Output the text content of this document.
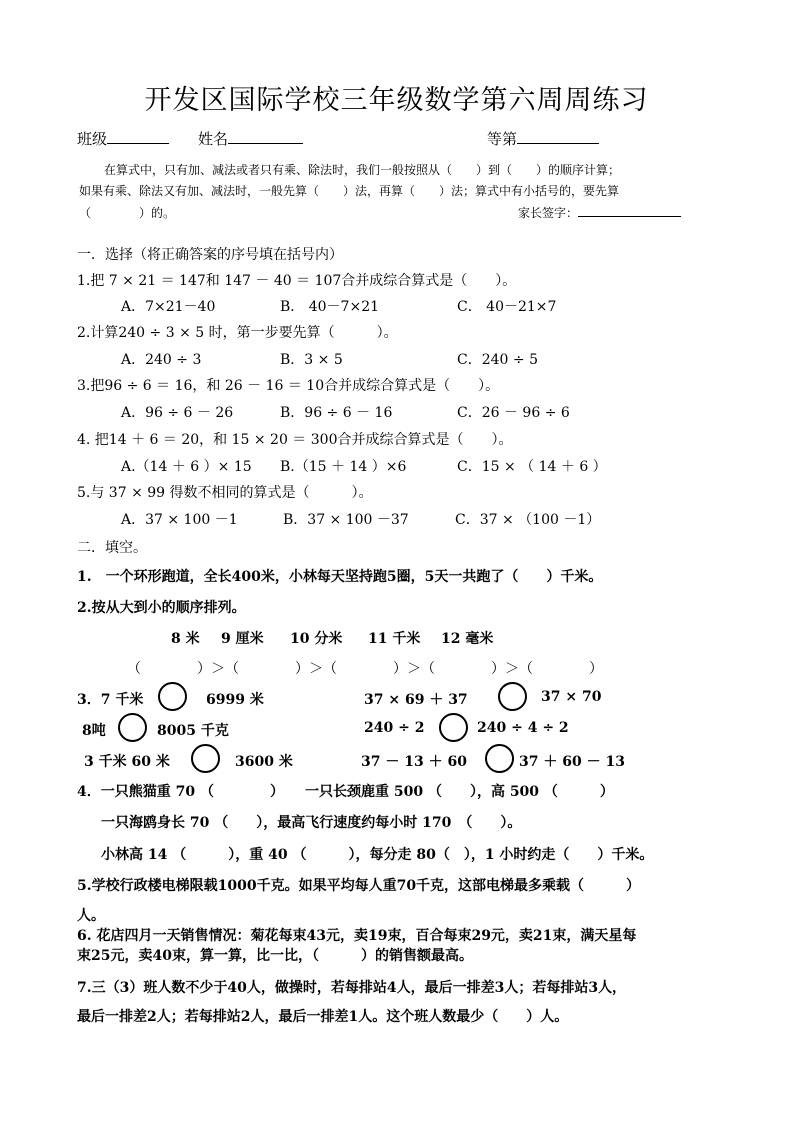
开发区国际学校三年级数学第六周周练习
班级	姓名	等第
在算式中，只有加、减法或者只有乘、除法时，我们一般按照从（　　）到（　　）的顺序计算；
如果有乘、除法又有加、减法时，一般先算（　　）法，再算（　　）法；算式中有小括号的，要先算
（　　　　）的。	家长签字：
一．选择（将正确答案的序号填在括号内）
1.把 7 × 21 ＝ 147和 147 － 40 ＝ 107合并成综合算式是（　　）。
A．7×21－40	B． 40－7×21	C． 40－21×7
2.计算240 ÷ 3 × 5 时，第一步要先算（　　　）。
A．240 ÷ 3	B．3 × 5	C．240 ÷ 5
3.把96 ÷ 6 ＝ 16，和 26 － 16 ＝ 10合并成综合算式是（　　）。
A．96 ÷ 6 － 26	B．96 ÷ 6 － 16	C．26 － 96 ÷ 6
4. 把14 ＋ 6 ＝ 20，和 15 × 20 ＝ 300合并成综合算式是（　　）。
A.（14 ＋ 6 ）× 15 B.（15 ＋ 14 ）×6	C．15 × （ 14 ＋ 6 ）
5.与 37 × 99 得数不相同的算式是（　　　）。
A．37 × 100 －1	B．37 × 100 －37	C．37 × （100 －1）
二．填空。
1.　一个环形跑道，全长400米，小林每天坚持跑5圈，5天一共跑了（　　）千米。
2.按从大到小的顺序排列。
8 米 9 厘米 10 分米 11 千米 12 毫米
（　　　　）＞（　　　　）＞（　　　　）＞（　　　　）＞（　　　　）
3．7 千米	6999 米	37 × 69 ＋ 37	37 × 70
8吨	8005 千克	240 ÷ 2	240 ÷ 4 ÷ 2
3 千米 60 米	3600 米	37 － 13 ＋ 60	37 ＋ 60 － 13
4．一只熊猫重 70 （　　　　）　　一只长颈鹿重 500 （　　），高 500 （　　　）
一只海鸥身长 70 （　　），最高飞行速度约每小时 170　（　　）。
小林高 14 （　　　），重 40 （　　　），每分走 80（　），1 小时约走（　　）千米。
5.学校行政楼电梯限载1000千克。如果平均每人重70千克，这部电梯最多乘载（　　　）
人。
6. 花店四月一天销售情况：菊花每束43元，卖19束，百合每束29元，卖21束，满天星每
束25元，卖40束，算一算，比一比，（　　　）的销售额最高。
7.三（3）班人数不少于40人，做操时，若每排站4人，最后一排差3人；若每排站3人，
最后一排差2人；若每排站2人，最后一排差1人。这个班人数最少（　　）人。
